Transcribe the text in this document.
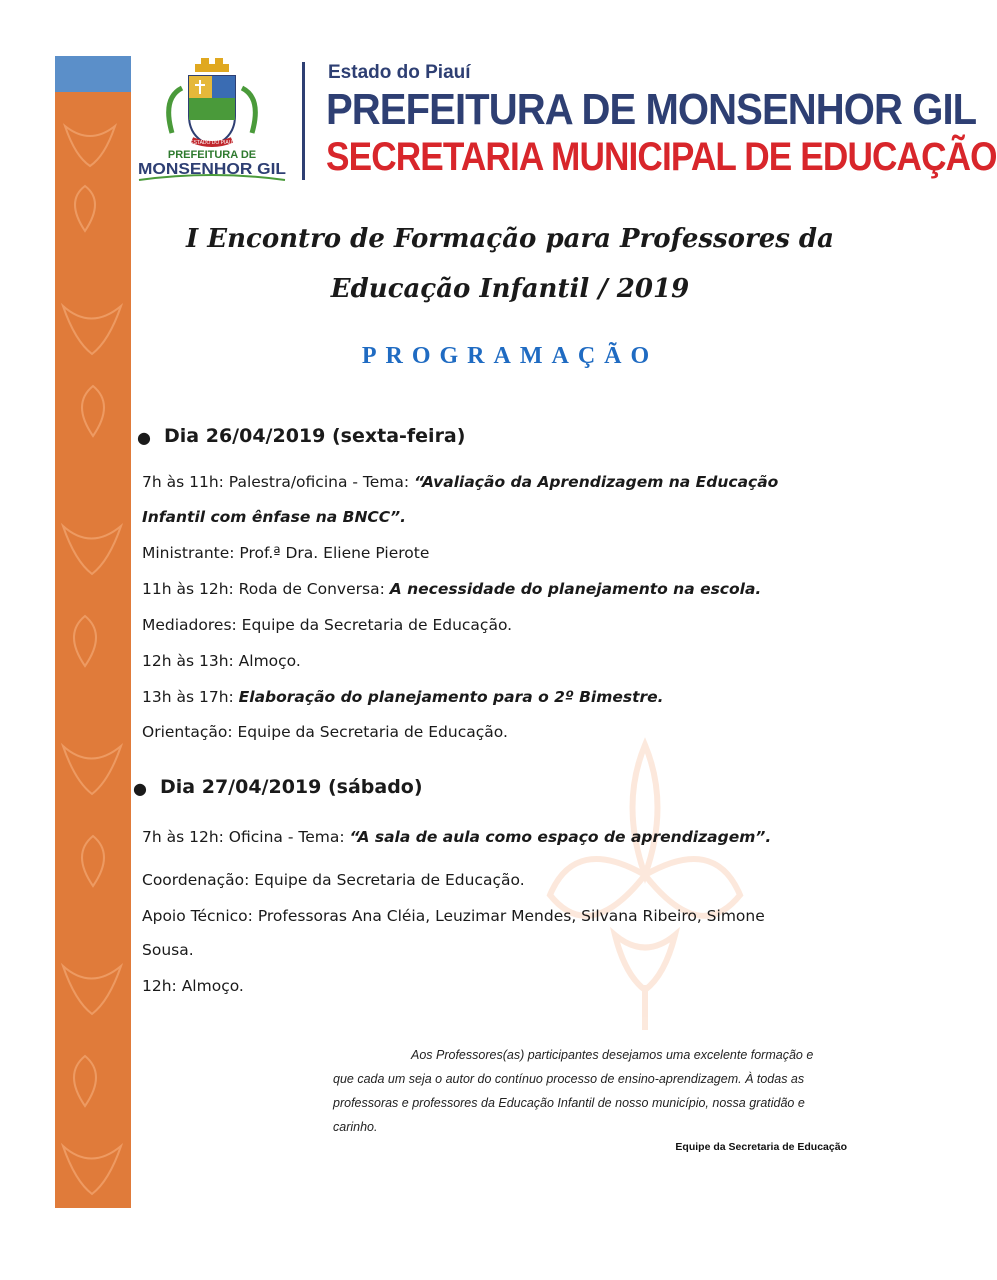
ESTADO DO PIAUÍ
PREFEITURA DE
MONSENHOR GIL
Estado do Piauí
PREFEITURA DE MONSENHOR GIL
SECRETARIA MUNICIPAL DE EDUCAÇÃO
I Encontro de Formação para Professores da
Educação Infantil / 2019
PROGRAMAÇÃO
● Dia 26/04/2019 (sexta-feira)
7h às 11h: Palestra/oficina - Tema: “Avaliação da Aprendizagem na Educação
Infantil com ênfase na BNCC”.
Ministrante: Prof.ª Dra. Eliene Pierote
11h às 12h: Roda de Conversa: A necessidade do planejamento na escola.
Mediadores: Equipe da Secretaria de Educação.
12h às 13h: Almoço.
13h às 17h: Elaboração do planejamento para o 2º Bimestre.
Orientação: Equipe da Secretaria de Educação.
● Dia 27/04/2019 (sábado)
7h às 12h: Oficina - Tema: “A sala de aula como espaço de aprendizagem”.
Coordenação: Equipe da Secretaria de Educação.
Apoio Técnico: Professoras Ana Cléia, Leuzimar Mendes, Silvana Ribeiro, Simone
Sousa.
12h: Almoço.
Aos Professores(as) participantes desejamos uma excelente formação e
que cada um seja o autor do contínuo processo de ensino-aprendizagem. À todas as
professoras e professores da Educação Infantil de nosso município, nossa gratidão e
carinho.
Equipe da Secretaria de Educação
